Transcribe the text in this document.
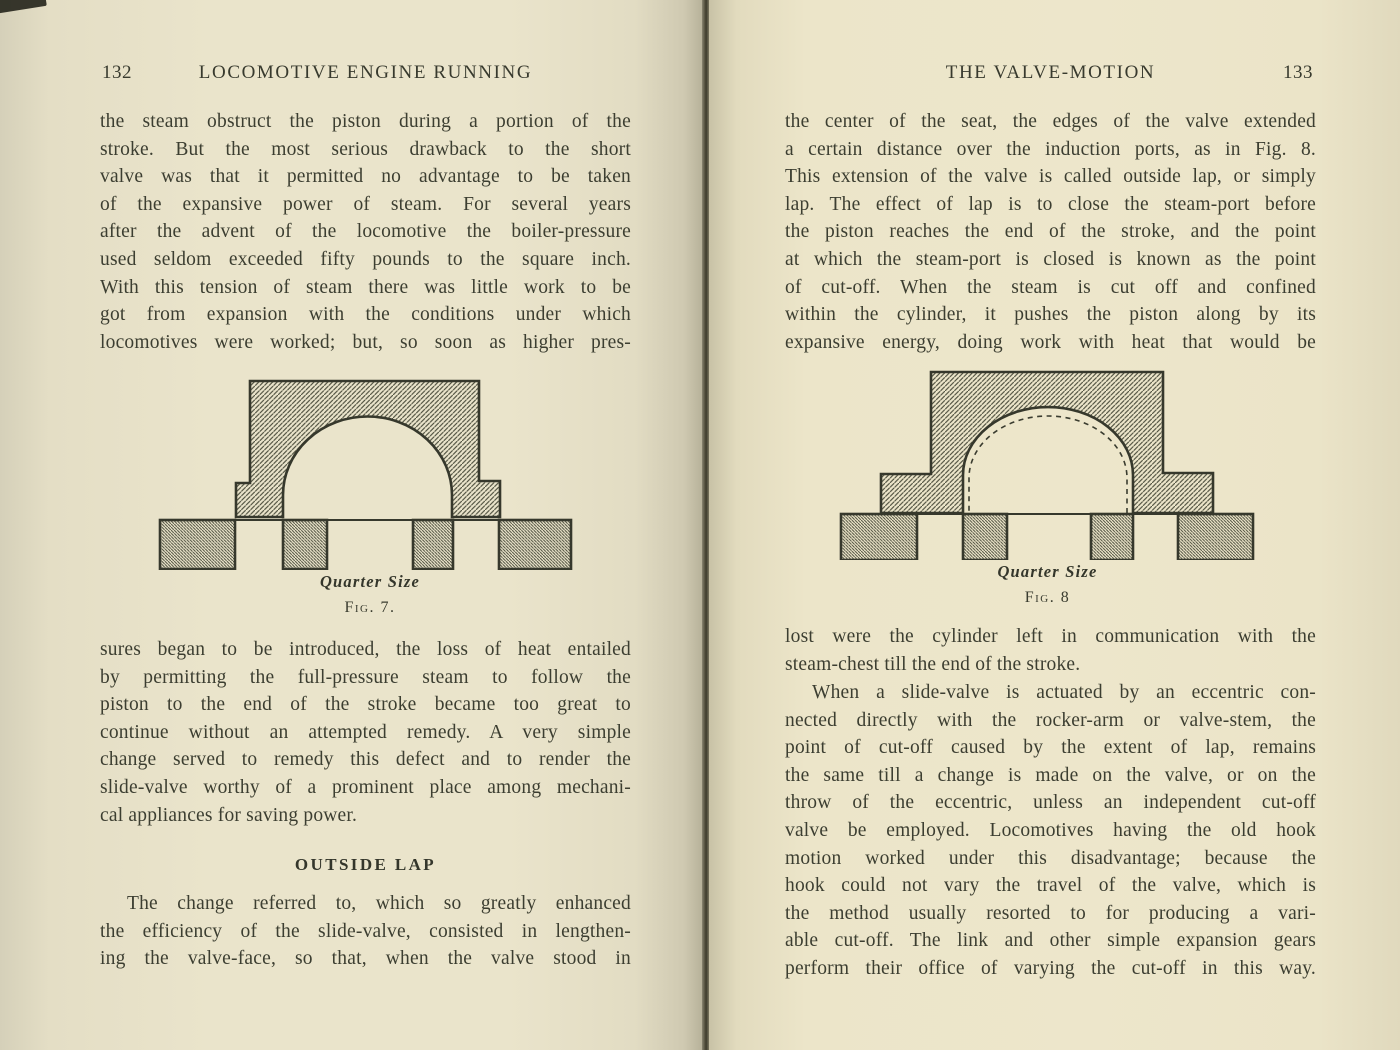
132	LOCOMOTIVE ENGINE RUNNING
the steam obstruct the piston during a portion of the
stroke. But the most serious drawback to the short
valve was that it permitted no advantage to be taken
of the expansive power of steam. For several years
after the advent of the locomotive the boiler-pressure
used seldom exceeded fifty pounds to the square inch.
With this tension of steam there was little work to be
got from expansion with the conditions under which
locomotives were worked; but, so soon as higher pres-
Quarter Size
Fig. 7.
sures began to be introduced, the loss of heat entailed
by permitting the full-pressure steam to follow the
piston to the end of the stroke became too great to
continue without an attempted remedy. A very simple
change served to remedy this defect and to render the
slide-valve worthy of a prominent place among mechani-
cal appliances for saving power.
OUTSIDE LAP
The change referred to, which so greatly enhanced
the efficiency of the slide-valve, consisted in lengthen-
ing the valve-face, so that, when the valve stood in
THE VALVE-MOTION	133
the center of the seat, the edges of the valve extended
a certain distance over the induction ports, as in Fig. 8.
This extension of the valve is called outside lap, or simply
lap. The effect of lap is to close the steam-port before
the piston reaches the end of the stroke, and the point
at which the steam-port is closed is known as the point
of cut-off. When the steam is cut off and confined
within the cylinder, it pushes the piston along by its
expansive energy, doing work with heat that would be
Quarter Size
Fig. 8
lost were the cylinder left in communication with the
steam-chest till the end of the stroke.
When a slide-valve is actuated by an eccentric con-
nected directly with the rocker-arm or valve-stem, the
point of cut-off caused by the extent of lap, remains
the same till a change is made on the valve, or on the
throw of the eccentric, unless an independent cut-off
valve be employed. Locomotives having the old hook
motion worked under this disadvantage; because the
hook could not vary the travel of the valve, which is
the method usually resorted to for producing a vari-
able cut-off. The link and other simple expansion gears
perform their office of varying the cut-off in this way.
